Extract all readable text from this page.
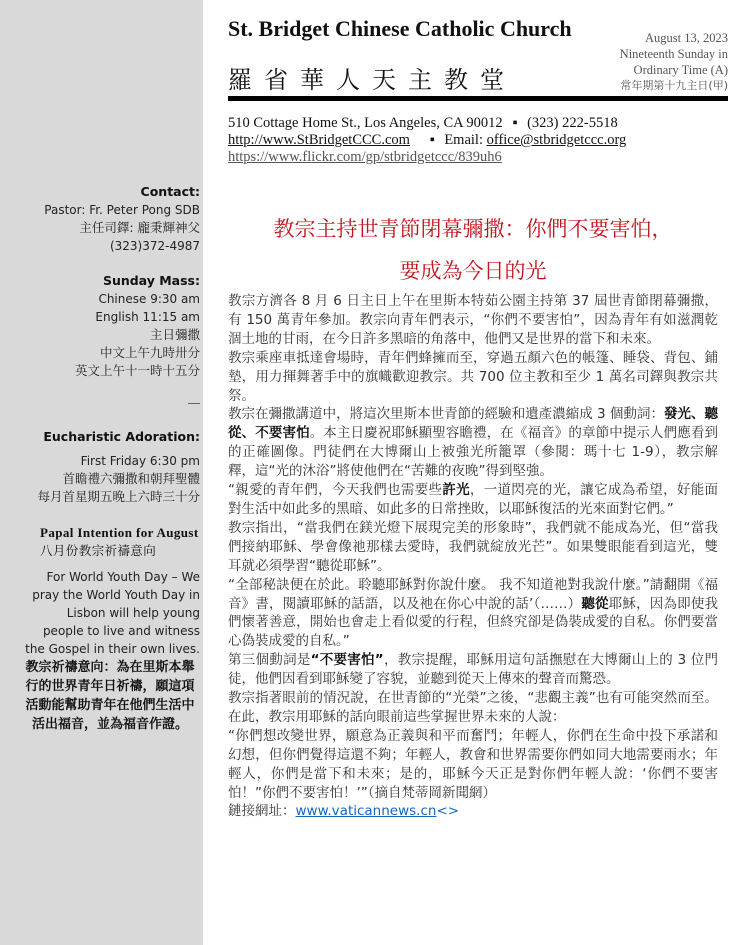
Contact:
Pastor: Fr. Peter Pong SDB
主任司鐸: 龐秉輝神父
(323)372-4987
Sunday Mass:
Chinese 9:30 am
English 11:15 am
主日彌撒
中文上午九時卅分
英文上午十一時十五分
Eucharistic Adoration:
First Friday 6:30 pm
首瞻禮六彌撒和朝拜聖體
每月首星期五晚上六時三十分
Papal Intention for August
八月份教宗祈禱意向
For World Youth Day – We
pray the World Youth Day in
Lisbon will help young
people to live and witness
the Gospel in their own lives.
教宗祈禱意向：為在里斯本舉
行的世界青年日祈禱，願這項
活動能幫助青年在他們生活中
活出福音，並為福音作證。
St. Bridget Chinese Catholic Church
羅省華人天主教堂
August 13, 2023
Nineteenth Sunday in
Ordinary Time (A)
常年期第十九主日(甲)
510 Cottage Home St., Los Angeles, CA 90012 ▪ (323) 222-5518
http://www.StBridgetCCC.com ▪ Email: office@stbridgetccc.org
https://www.flickr.com/gp/stbridgetccc/839uh6
教宗主持世青節閉幕彌撒：你們不要害怕，
要成為今日的光

教宗方濟各 8 月 6 日主日上午在里斯本特茹公園主持第 37 屆世青節閉幕彌撒，有 150 萬青年參加。教宗向青年們表示，“你們不要害怕”，因為青年有如滋潤乾涸土地的甘雨，在今日許多黑暗的角落中，他們又是世界的當下和未來。

教宗乘座車抵達會場時，青年們蜂擁而至，穿過五顏六色的帳篷、睡袋、背包、鋪墊，用力揮舞著手中的旗幟歡迎教宗。共 700 位主教和至少 1 萬名司鐸與教宗共祭。

教宗在彌撒講道中，將這次里斯本世青節的經驗和遺產濃縮成 3 個動詞：發光、聽從、不要害怕。本主日慶祝耶穌顯聖容瞻禮，在《福音》的章節中提示人們應看到的正確圖像。門徒們在大博爾山上被強光所籠罩（參閱：瑪十七 1-9），教宗解釋，這“光的沐浴”將使他們在“苦難的夜晚”得到堅強。

“親愛的青年們，今天我們也需要些許光，一道閃亮的光，讓它成為希望，好能面對生活中如此多的黑暗、如此多的日常挫敗，以耶穌復活的光來面對它們。”

教宗指出，“當我們在鎂光燈下展現完美的形象時”，我們就不能成為光，但“當我們接納耶穌、學會像祂那樣去愛時，我們就綻放光芒”。如果雙眼能看到這光，雙耳就必須學習“聽從耶穌”。

“全部秘訣便在於此。聆聽耶穌對你說什麼。 我不知道祂對我說什麼。”請翻開《福音》書，閱讀耶穌的話語，以及祂在你心中說的話’（……）聽從耶穌，因為即使我們懷著善意，開始也會走上看似愛的行程，但終究卻是偽裝成愛的自私。你們要當心偽裝成愛的自私。”

第三個動詞是“不要害怕”，教宗提醒，耶穌用這句話撫慰在大博爾山上的 3 位門徒，他們因看到耶穌變了容貌，並聽到從天上傳來的聲音而驚恐。

教宗指著眼前的情況說，在世青節的“光榮”之後，“悲觀主義”也有可能突然而至。在此，教宗用耶穌的話向眼前這些掌握世界未來的人說：

“你們想改變世界，願意為正義與和平而奮鬥；年輕人，你們在生命中投下承諾和幻想，但你們覺得這還不夠；年輕人，教會和世界需要你們如同大地需要雨水；年輕人，你們是當下和未來；是的，耶穌今天正是對你們年輕人說：‘你們不要害怕！”你們不要害怕！’”（摘自梵蒂岡新聞網）

鏈接網址：www.vaticannews.cn<>
